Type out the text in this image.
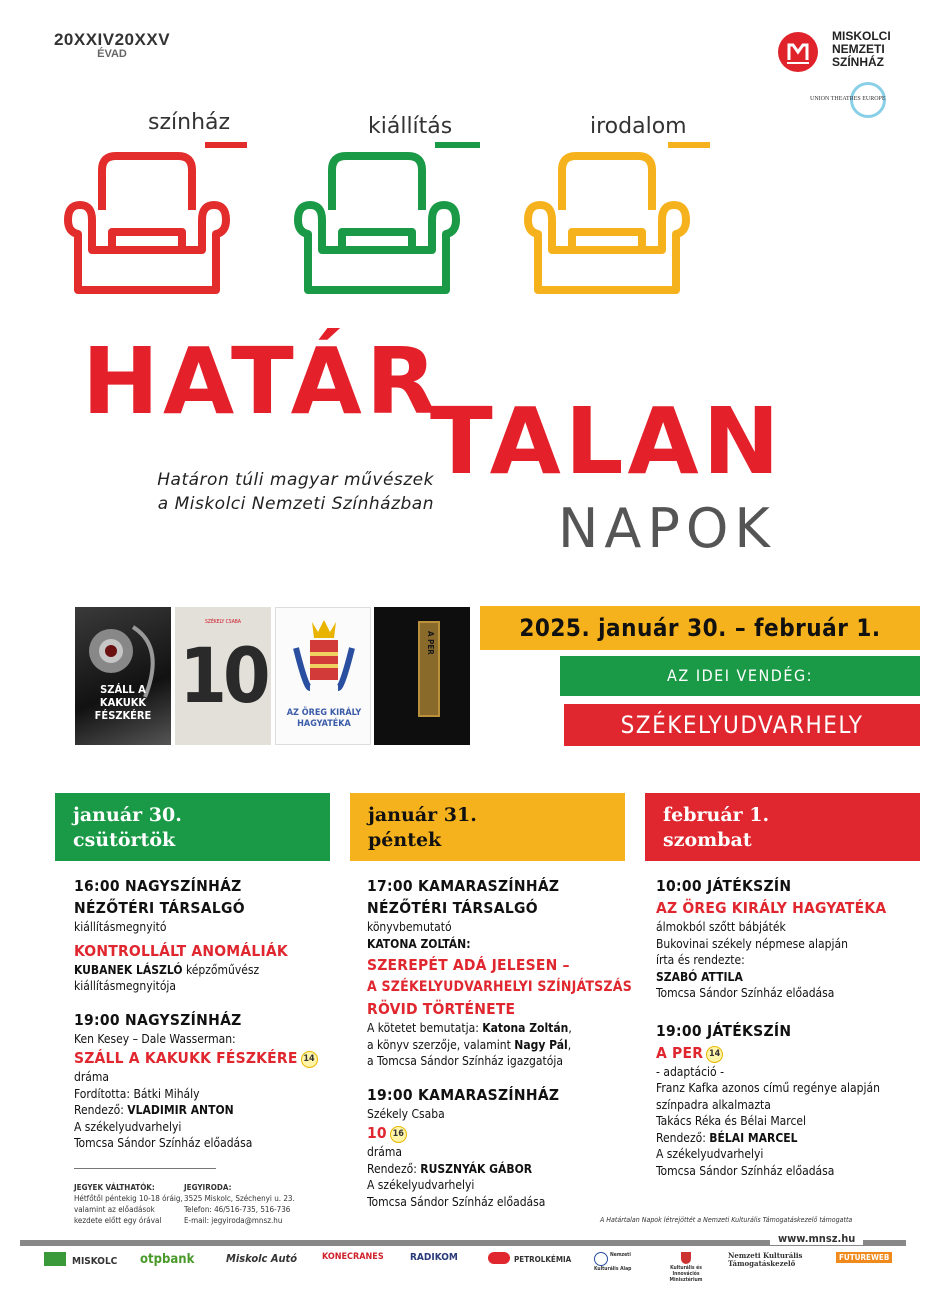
20XXIV20XXV
ÉVAD
MISKOLCI
NEMZETI
SZÍNHÁZ
UNION THEATRES EUROPE
színház	kiállítás	irodalom
HATÁR
TALAN
NAPOK
Határon túli magyar művészek
a Miskolci Nemzeti Színházban
SZÁLL A KAKUKK FÉSZKÉRE
SZÉKELY CSABA
10	AZ ÖREG KIRÁLY HAGYATÉKA
A PER
2025. január 30. – február 1.
AZ IDEI VENDÉG:
SZÉKELYUDVARHELY
január 30.
csütörtök
január 31.
péntek
február 1.
szombat
16:00 NAGYSZÍNHÁZ
NÉZŐTÉRI TÁRSALGÓ
kiállításmegnyitó
KONTROLLÁLT ANOMÁLIÁK
KUBANEK LÁSZLÓ képzőművész
kiállításmegnyitója
19:00 NAGYSZÍNHÁZ
Ken Kesey – Dale Wasserman:
SZÁLL A KAKUKK FÉSZKÉRE 14
dráma
Fordította: Bátki Mihály
Rendező: VLADIMIR ANTON
A székelyudvarhelyi
Tomcsa Sándor Színház előadása
17:00 KAMARASZÍNHÁZ
NÉZŐTÉRI TÁRSALGÓ
könyvbemutató
KATONA ZOLTÁN:
SZEREPÉT ADÁ JELESEN –
A SZÉKELYUDVARHELYI SZÍNJÁTSZÁS
RÖVID TÖRTÉNETE
A kötetet bemutatja: Katona Zoltán,
a könyv szerzője, valamint Nagy Pál,
a Tomcsa Sándor Színház igazgatója
19:00 KAMARASZÍNHÁZ
Székely Csaba
10 16
dráma
Rendező: RUSZNYÁK GÁBOR
A székelyudvarhelyi
Tomcsa Sándor Színház előadása
10:00 JÁTÉKSZÍN
AZ ÖREG KIRÁLY HAGYATÉKA
álmokból szőtt bábjáték
Bukovinai székely népmese alapján
írta és rendezte:
SZABÓ ATTILA
Tomcsa Sándor Színház előadása
19:00 JÁTÉKSZÍN
A PER 14
- adaptáció -
Franz Kafka azonos című regénye alapján
színpadra alkalmazta
Takács Réka és Bélai Marcel
Rendező: BÉLAI MARCEL
A székelyudvarhelyi
Tomcsa Sándor Színház előadása
JEGYEK VÁLTHATÓK:
Hétfőtől péntekig 10-18 óráig,
valamint az előadások
kezdete előtt egy órával
JEGYIRODA:
3525 Miskolc, Széchenyi u. 23.
Telefon: 46/516-735, 516-736
E-mail: jegyiroda@mnsz.hu	A Határtalan Napok létrejöttét a Nemzeti Kulturális Támogatáskezelő támogatta
www.mnsz.hu
MISKOLC otpbank	Miskolc Autó	KONECRANES	RADIKOM	PETROLKÉMIA	Nemzeti Kulturális Alap	Kulturális és Innovációs Minisztérium
Nemzeti Kulturális Támogatáskezelő
FUTUREWEB
